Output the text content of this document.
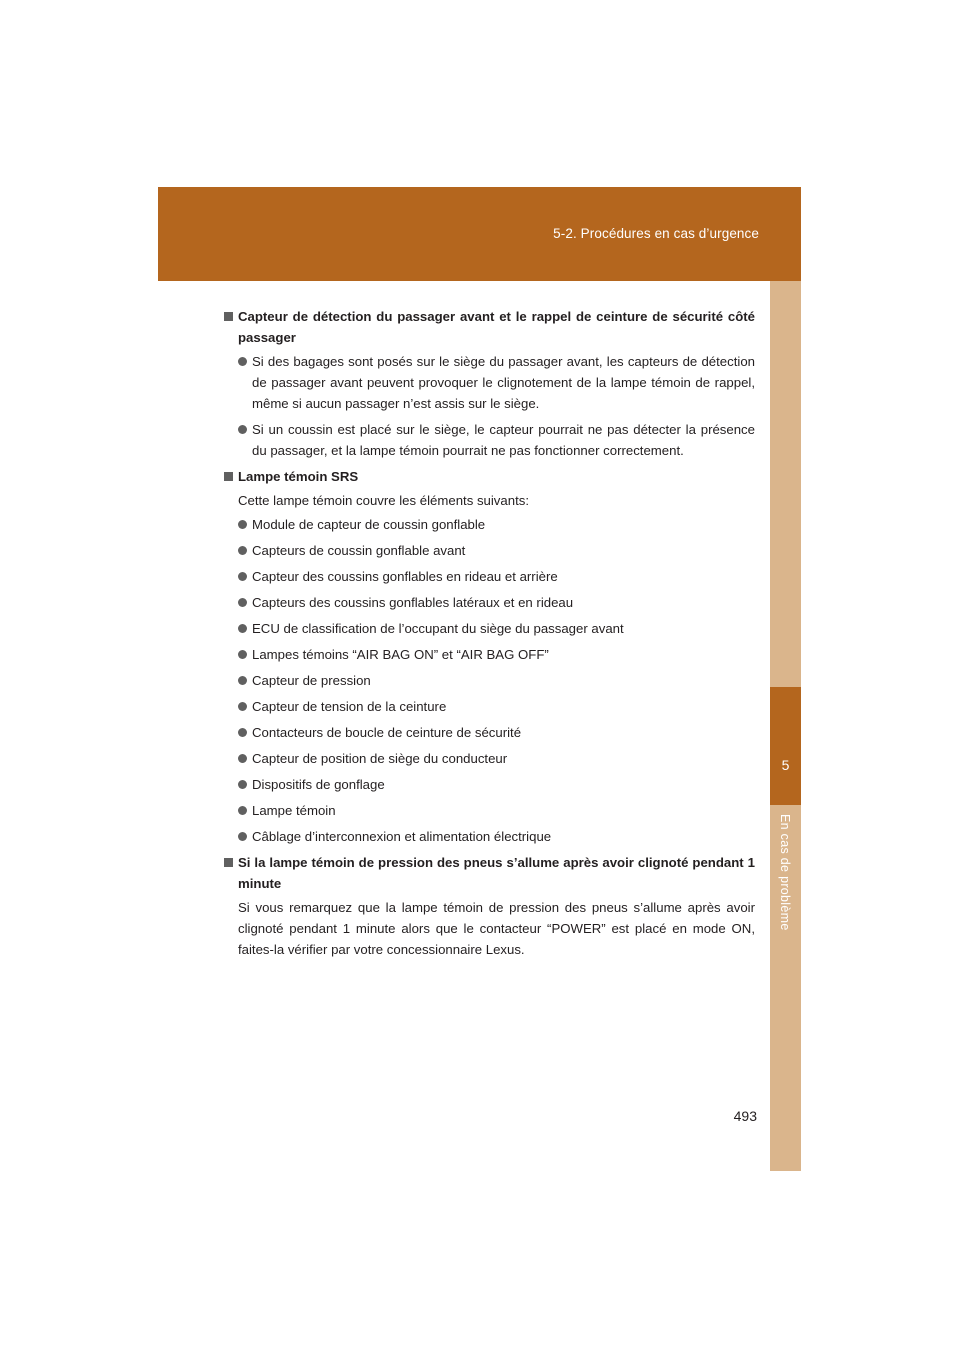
5-2. Procédures en cas d’urgence
5
En cas de problème
Capteur de détection du passager avant et le rappel de ceinture de sécurité côté passager
Si des bagages sont posés sur le siège du passager avant, les capteurs de détection de passager avant peuvent provoquer le clignotement de la lampe témoin de rappel, même si aucun passager n’est assis sur le siège.
Si un coussin est placé sur le siège, le capteur pourrait ne pas détecter la présence du passager, et la lampe témoin pourrait ne pas fonctionner correctement.
Lampe témoin SRS
Cette lampe témoin couvre les éléments suivants:
Module de capteur de coussin gonflable
Capteurs de coussin gonflable avant
Capteur des coussins gonflables en rideau et arrière
Capteurs des coussins gonflables latéraux et en rideau
ECU de classification de l’occupant du siège du passager avant
Lampes témoins “AIR BAG ON” et “AIR BAG OFF”
Capteur de pression
Capteur de tension de la ceinture
Contacteurs de boucle de ceinture de sécurité
Capteur de position de siège du conducteur
Dispositifs de gonflage
Lampe témoin
Câblage d’interconnexion et alimentation électrique
Si la lampe témoin de pression des pneus s’allume après avoir clignoté pendant 1 minute
Si vous remarquez que la lampe témoin de pression des pneus s’allume après avoir clignoté pendant 1 minute alors que le contacteur “POWER” est placé en mode ON, faites-la vérifier par votre concessionnaire Lexus.
493
